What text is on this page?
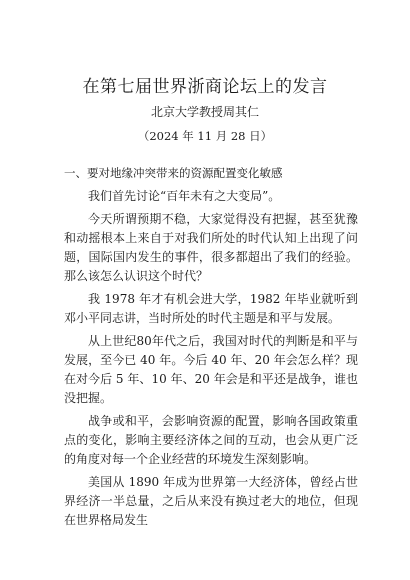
在第七届世界浙商论坛上的发言
北京大学教授周其仁
（2024 年 11 月 28 日）

一、要对地缘冲突带来的资源配置变化敏感

我们首先讨论“百年未有之大变局”。

今天所谓预期不稳，大家觉得没有把握，甚至犹豫和动摇根本上来自于对我们所处的时代认知上出现了问题，国际国内发生的事件，很多都超出了我们的经验。那么该怎么认识这个时代？

我 1978 年才有机会进大学，1982 年毕业就听到邓小平同志讲，当时所处的时代主题是和平与发展。

从上世纪80年代之后，我国对时代的判断是和平与发展，至今已 40 年。今后 40 年、20 年会怎么样？现在对今后 5 年、10 年、20 年会是和平还是战争，谁也没把握。

战争或和平，会影响资源的配置，影响各国政策重点的变化，影响主要经济体之间的互动，也会从更广泛的角度对每一个企业经营的环境发生深刻影响。

美国从 1890 年成为世界第一大经济体，曾经占世界经济一半总量，之后从来没有换过老大的地位，但现在世界格局发生
